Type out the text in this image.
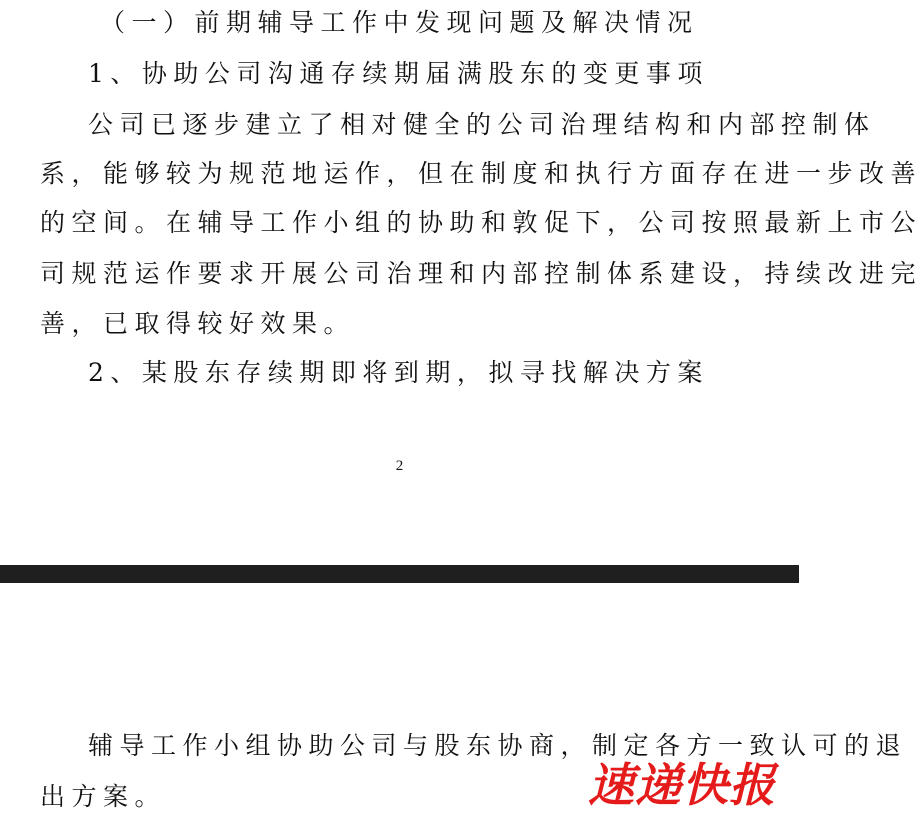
（一）前期辅导工作中发现问题及解决情况
1、协助公司沟通存续期届满股东的变更事项
公司已逐步建立了相对健全的公司治理结构和内部控制体
系，能够较为规范地运作，但在制度和执行方面存在进一步改善
的空间。在辅导工作小组的协助和敦促下，公司按照最新上市公
司规范运作要求开展公司治理和内部控制体系建设，持续改进完
善，已取得较好效果。
2、某股东存续期即将到期，拟寻找解决方案
2
辅导工作小组协助公司与股东协商，制定各方一致认可的退
出方案。	速递快报
